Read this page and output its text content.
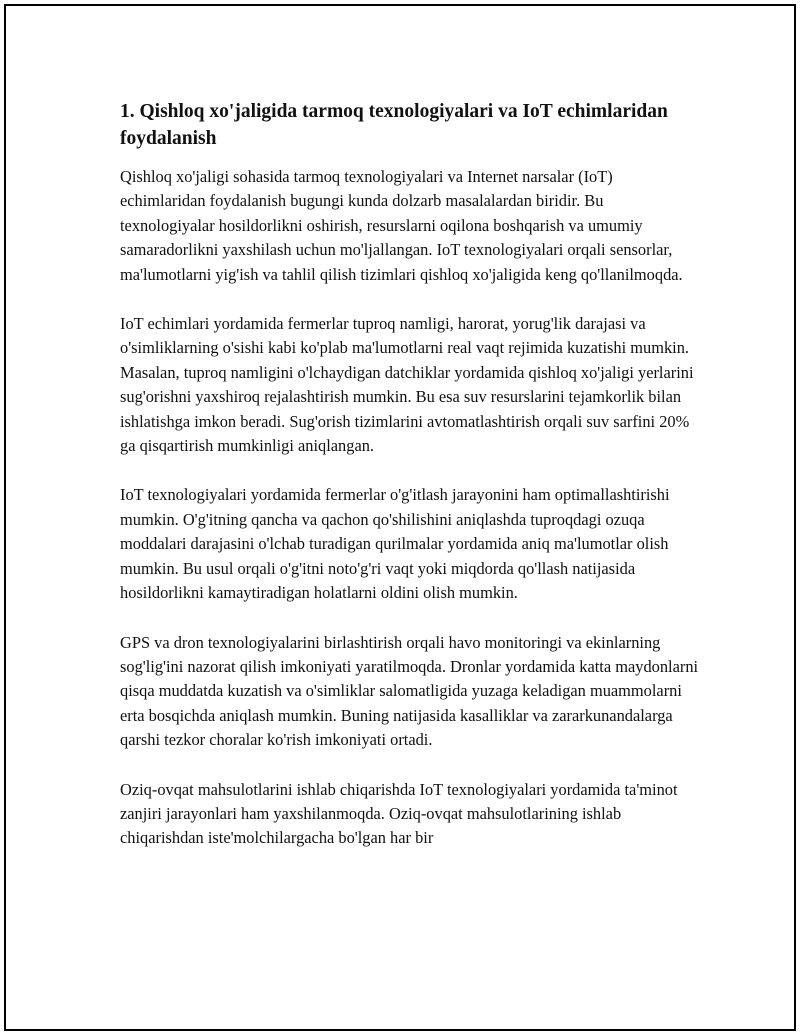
1. Qishloq xo'jaligida tarmoq texnologiyalari va IoT echimlaridan foydalanish

Qishloq xo'jaligi sohasida tarmoq texnologiyalari va Internet narsalar (IoT) echimlaridan foydalanish bugungi kunda dolzarb masalalardan biridir. Bu texnologiyalar hosildorlikni oshirish, resurslarni oqilona boshqarish va umumiy samaradorlikni yaxshilash uchun mo'ljallangan. IoT texnologiyalari orqali sensorlar, ma'lumotlarni yig'ish va tahlil qilish tizimlari qishloq xo'jaligida keng qo'llanilmoqda.

IoT echimlari yordamida fermerlar tuproq namligi, harorat, yorug'lik darajasi va o'simliklarning o'sishi kabi ko'plab ma'lumotlarni real vaqt rejimida kuzatishi mumkin. Masalan, tuproq namligini o'lchaydigan datchiklar yordamida qishloq xo'jaligi yerlarini sug'orishni yaxshiroq rejalashtirish mumkin. Bu esa suv resurslarini tejamkorlik bilan ishlatishga imkon beradi. Sug'orish tizimlarini avtomatlashtirish orqali suv sarfini 20% ga qisqartirish mumkinligi aniqlangan.

IoT texnologiyalari yordamida fermerlar o'g'itlash jarayonini ham optimallashtirishi mumkin. O'g'itning qancha va qachon qo'shilishini aniqlashda tuproqdagi ozuqa moddalari darajasini o'lchab turadigan qurilmalar yordamida aniq ma'lumotlar olish mumkin. Bu usul orqali o'g'itni noto'g'ri vaqt yoki miqdorda qo'llash natijasida hosildorlikni kamaytiradigan holatlarni oldini olish mumkin.

GPS va dron texnologiyalarini birlashtirish orqali havo monitoringi va ekinlarning sog'lig'ini nazorat qilish imkoniyati yaratilmoqda. Dronlar yordamida katta maydonlarni qisqa muddatda kuzatish va o'simliklar salomatligida yuzaga keladigan muammolarni erta bosqichda aniqlash mumkin. Buning natijasida kasalliklar va zararkunandalarga qarshi tezkor choralar ko'rish imkoniyati ortadi.

Oziq-ovqat mahsulotlarini ishlab chiqarishda IoT texnologiyalari yordamida ta'minot zanjiri jarayonlari ham yaxshilanmoqda. Oziq-ovqat mahsulotlarining ishlab chiqarishdan iste'molchilargacha bo'lgan har bir
